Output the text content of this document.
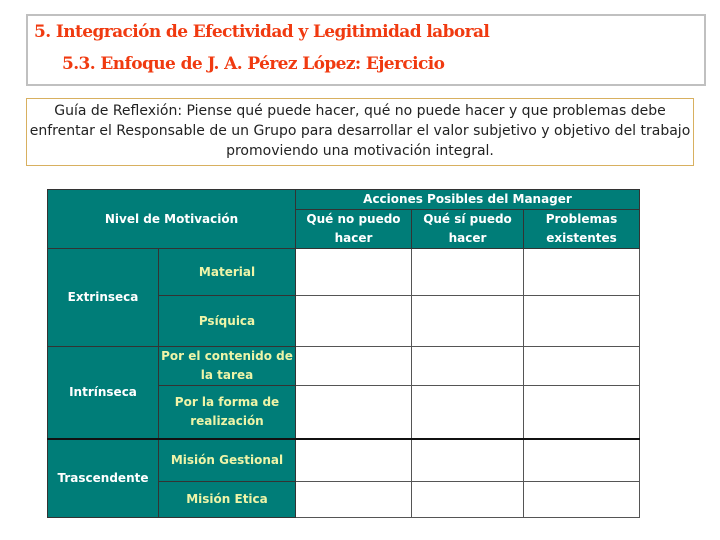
5. Integración de Efectividad y Legitimidad laboral
5.3. Enfoque de J. A. Pérez López: Ejercicio
Guía de Reflexión: Piense qué puede hacer, qué no puede hacer y que problemas debe enfrentar el Responsable de un Grupo para desarrollar el valor subjetivo y objetivo del trabajo promoviendo una motivación integral.
Nivel de Motivación		Acciones Posibles del Manager		
		Qué no puedo hacer	Qué sí puedo hacer	Problemas existentes
Extrinseca	Material			
	Psíquica			
Intrínseca	Por el contenido de la tarea			
	Por la forma de realización			
Trascendente	Misión Gestional			
	Misión Etica			
